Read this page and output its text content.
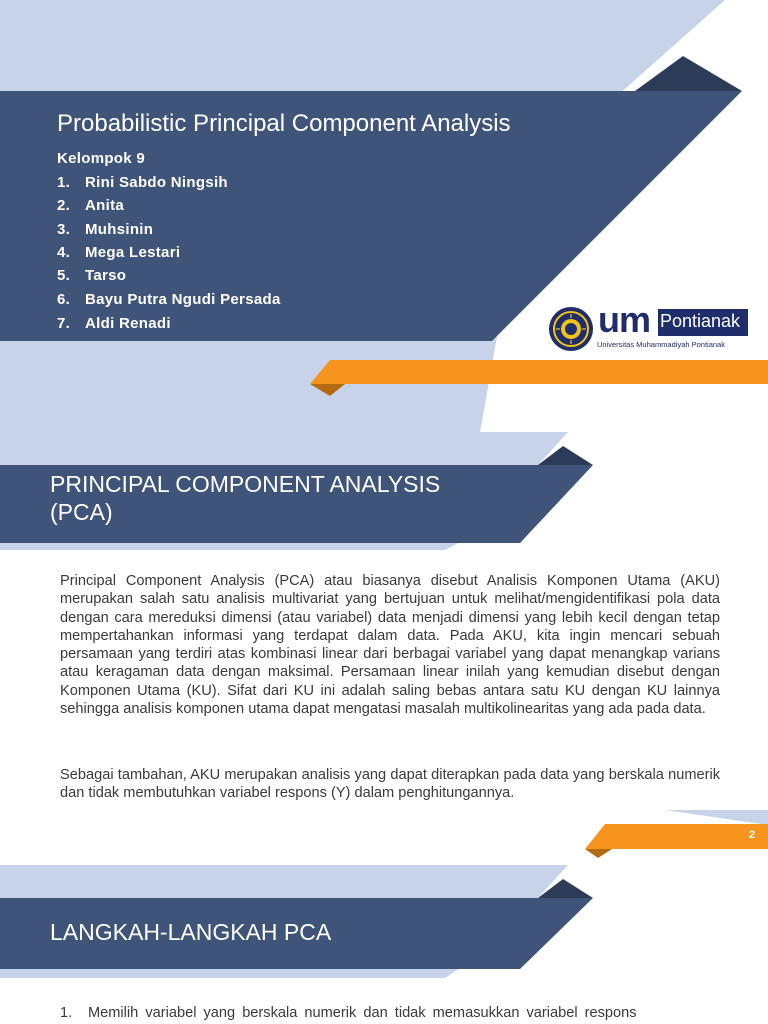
Probabilistic Principal Component Analysis
Kelompok 9
1. Rini Sabdo Ningsih
2. Anita
3. Muhsinin
4. Mega Lestari
5. Tarso
6. Bayu Putra Ngudi Persada
7. Aldi Renadi	um Pontianak
Universitas Muhammadiyah Pontianak
PRINCIPAL COMPONENT ANALYSIS
(PCA)

Principal Component Analysis (PCA) atau biasanya disebut Analisis Komponen Utama (AKU) merupakan salah satu analisis multivariat yang bertujuan untuk melihat/mengidentifikasi pola data dengan cara mereduksi dimensi (atau variabel) data menjadi dimensi yang lebih kecil dengan tetap mempertahankan informasi yang terdapat dalam data. Pada AKU, kita ingin mencari sebuah persamaan yang terdiri atas kombinasi linear dari berbagai variabel yang dapat menangkap varians atau keragaman data dengan maksimal. Persamaan linear inilah yang kemudian disebut dengan Komponen Utama (KU). Sifat dari KU ini adalah saling bebas antara satu KU dengan KU lainnya sehingga analisis komponen utama dapat mengatasi masalah multikolinearitas yang ada pada data.

Sebagai tambahan, AKU merupakan analisis yang dapat diterapkan pada data yang berskala numerik dan tidak membutuhkan variabel respons (Y) dalam penghitungannya.

2
LANGKAH-LANGKAH PCA
1. Memilih variabel yang berskala numerik dan tidak memasukkan variabel respons
